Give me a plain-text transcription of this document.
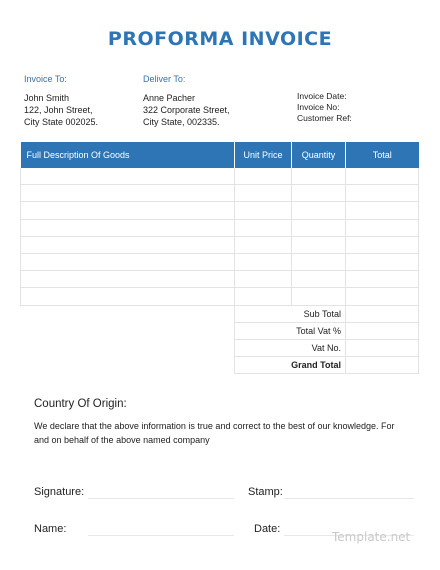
PROFORMA INVOICE
Invoice To:
John Smith
122, John Street,
City State 002025.
Deliver To:
Anne Pacher
322 Corporate Street,
City State, 002335.
Invoice Date:
Invoice No:
Customer Ref:
Full Description Of Goods	Unit Price	Quantity	Total

	Sub Total		
	Total Vat %		
	Vat No.		
	Grand Total		
Country Of Origin:
We declare that the above information is true and correct to the best of our knowledge. For and on behalf of the above named company
Signature:	Stamp:
Name:	Date:
Template.net
